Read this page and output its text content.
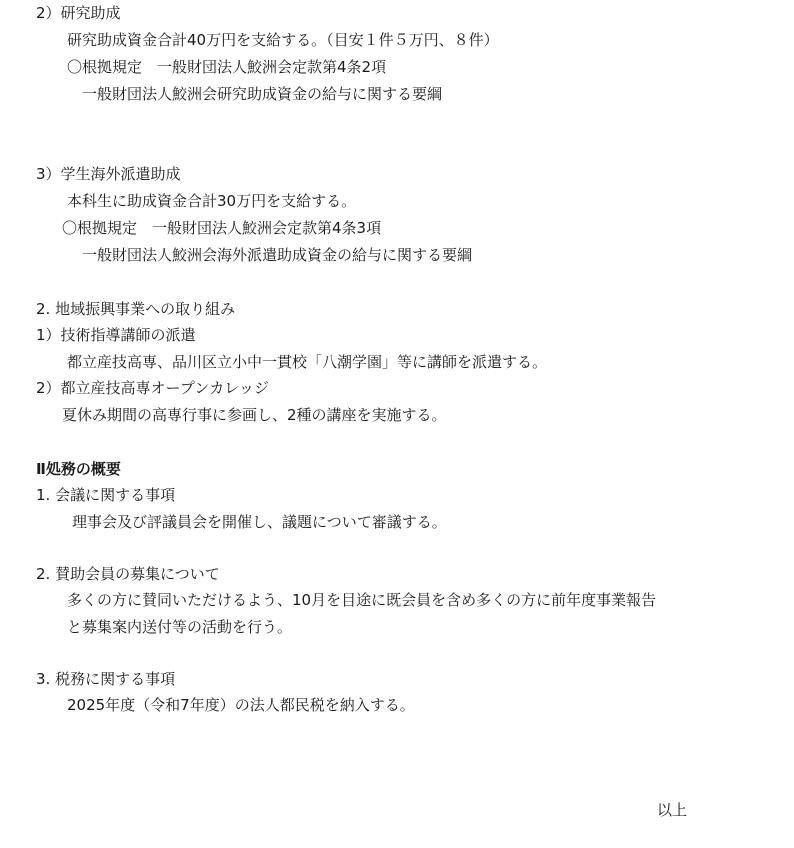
2）研究助成

研究助成資金合計40万円を支給する。（目安１件５万円、８件）

〇根拠規定　一般財団法人鮫洲会定款第4条2項

一般財団法人鮫洲会研究助成資金の給与に関する要綱

3）学生海外派遣助成

本科生に助成資金合計30万円を支給する。

〇根拠規定　一般財団法人鮫洲会定款第4条3項

一般財団法人鮫洲会海外派遣助成資金の給与に関する要綱

2. 地域振興事業への取り組み

1）技術指導講師の派遣

都立産技高専、品川区立小中一貫校「八潮学園」等に講師を派遣する。

2）都立産技高専オープンカレッジ

夏休み期間の高専行事に参画し、2種の講座を実施する。

Ⅱ処務の概要

1. 会議に関する事項

理事会及び評議員会を開催し、議題について審議する。

2. 賛助会員の募集について

多くの方に賛同いただけるよう、10月を目途に既会員を含め多くの方に前年度事業報告

と募集案内送付等の活動を行う。

3. 税務に関する事項

2025年度（令和7年度）の法人都民税を納入する。

以上
